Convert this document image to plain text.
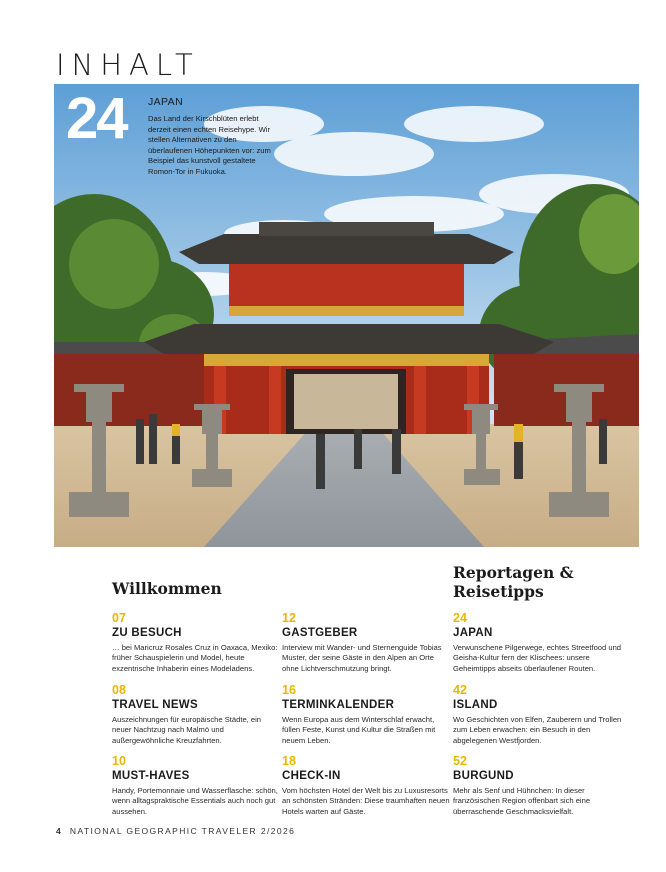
INHALT
24 JAPAN
Das Land der Kirschblüten erlebt derzeit einen echten Reisehype. Wir stellen Alternativen zu den überlaufenen Höhepunkten vor: zum Beispiel das kunstvoll gestaltete Romon-Tor in Fukuoka.
Willkommen
Reportagen & Reisetipps
07
ZU BESUCH
… bei Maricruz Rosales Cruz in Oaxaca, Mexiko: früher Schauspielerin und Model, heute exzentrische Inhaberin eines Modeladens.
08
TRAVEL NEWS
Auszeichnungen für europäische Städte, ein neuer Nachtzug nach Malmö und außergewöhnliche Kreuzfahrten.
10
MUST-HAVES
Handy, Portemonnaie und Wasserflasche: schön, wenn alltagspraktische Essentials auch noch gut aussehen.
12
GASTGEBER
Interview mit Wander- und Sternenguide Tobias Muster, der seine Gäste in den Alpen an Orte ohne Lichtverschmutzung bringt.
16
TERMINKALENDER
Wenn Europa aus dem Winterschlaf erwacht, füllen Feste, Kunst und Kultur die Straßen mit neuem Leben.
18
CHECK-IN
Vom höchsten Hotel der Welt bis zu Luxusresorts an schönsten Stränden: Diese traumhaften neuen Hotels warten auf Gäste.
24
JAPAN
Verwunschene Pilgerwege, echtes Streetfood und Geisha-Kultur fern der Klischees: unsere Geheimtipps abseits überlaufener Routen.
42
ISLAND
Wo Geschichten von Elfen, Zauberern und Trollen zum Leben erwachen: ein Besuch in den abgelegenen Westfjorden.
52
BURGUND
Mehr als Senf und Hühnchen: In dieser französischen Region offenbart sich eine überraschende Geschmacksvielfalt.
4 NATIONAL GEOGRAPHIC TRAVELER 2/2026
